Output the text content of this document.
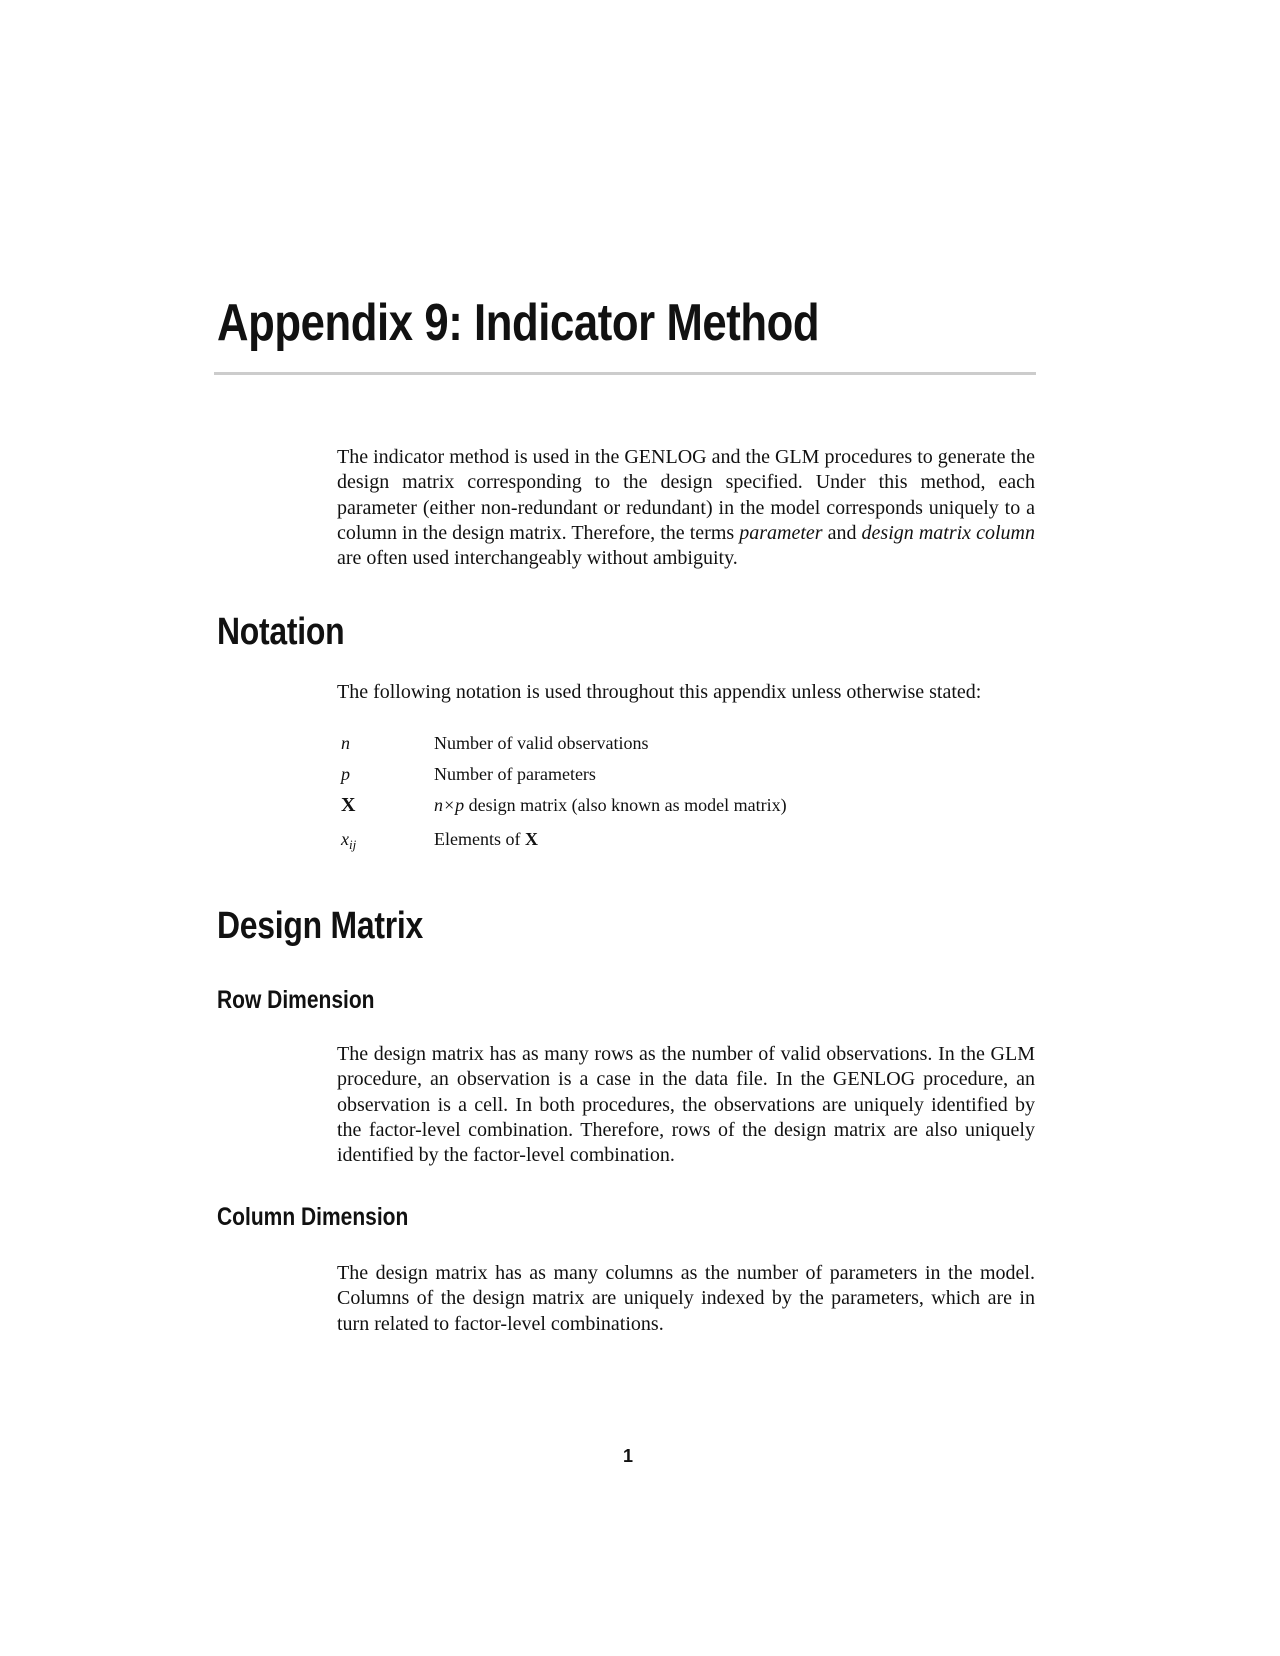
Appendix 9: Indicator Method

The indicator method is used in the GENLOG and the GLM procedures to generate the design matrix corresponding to the design specified. Under this method, each parameter (either non-redundant or redundant) in the model corresponds uniquely to a column in the design matrix. Therefore, the terms parameter and design matrix column are often used interchangeably without ambiguity.

Notation

The following notation is used throughout this appendix unless otherwise stated:

n	Number of valid observations
p	Number of parameters
X	n×p design matrix (also known as model matrix)
$x_{ij}$	Elements of X
Design Matrix
Row Dimension

The design matrix has as many rows as the number of valid observations. In the GLM procedure, an observation is a case in the data file. In the GENLOG procedure, an observation is a cell. In both procedures, the observations are uniquely identified by the factor-level combination. Therefore, rows of the design matrix are also uniquely identified by the factor-level combination.

Column Dimension

The design matrix has as many columns as the number of parameters in the model. Columns of the design matrix are uniquely indexed by the parameters, which are in turn related to factor-level combinations.

1
